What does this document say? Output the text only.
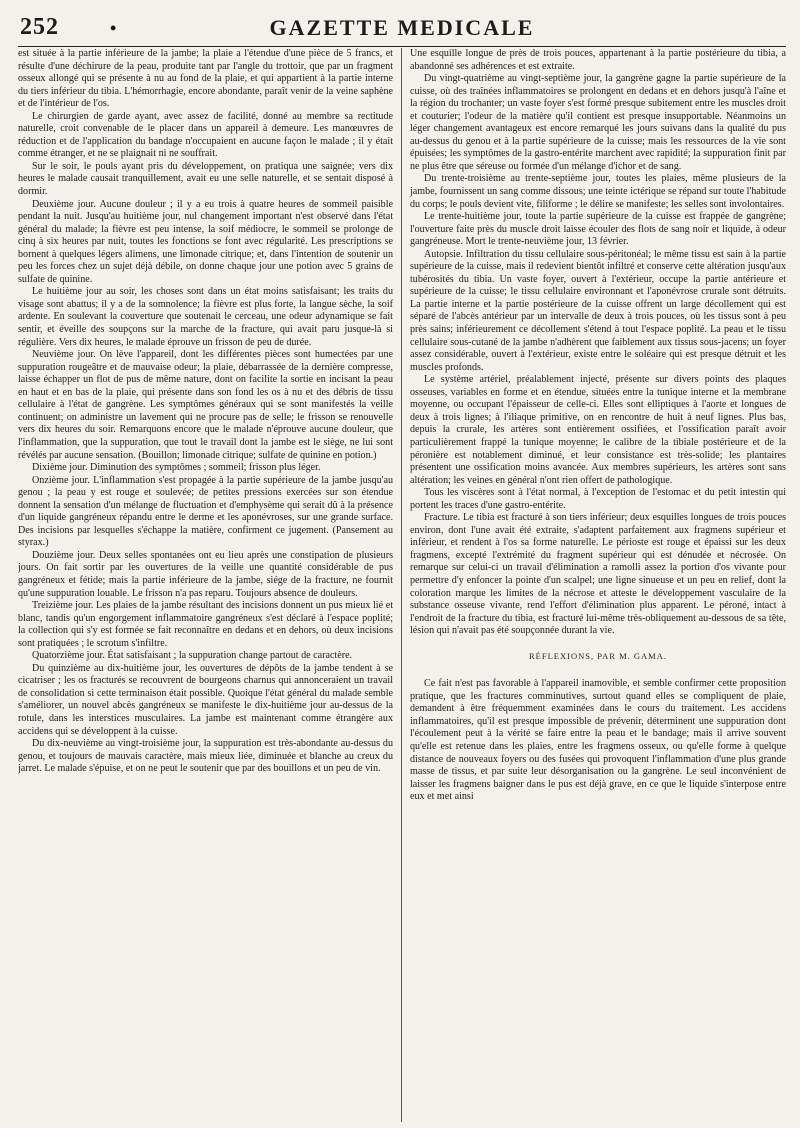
252	•	GAZETTE MEDICALE

est située à la partie inférieure de la jambe; la plaie a l'étendue d'une pièce de 5 francs, et résulte d'une déchirure de la peau, produite tant par l'angle du trottoir, que par un fragment osseux allongé qui se présente à nu au fond de la plaie, et qui appartient à la partie interne du tiers inférieur du tibia. L'hémorrhagie, encore abondante, paraît venir de la veine saphène et de l'intérieur de l'os.

Le chirurgien de garde ayant, avec assez de facilité, donné au membre sa rectitude naturelle, croit convenable de le placer dans un appareil à demeure. Les manœuvres de réduction et de l'application du bandage n'occupaient en aucune façon le malade ; il y était comme étranger, et ne se plaignait ni ne souffrait.

Sur le soir, le pouls ayant pris du développement, on pratiqua une saignée; vers dix heures le malade causait tranquillement, avait eu une selle naturelle, et se sentait disposé à dormir.

Deuxième jour. Aucune douleur ; il y a eu trois à quatre heures de sommeil paisible pendant la nuit. Jusqu'au huitième jour, nul changement important n'est observé dans l'état général du malade; la fièvre est peu intense, la soif médiocre, le sommeil se prolonge de cinq à six heures par nuit, toutes les fonctions se font avec régularité. Les prescriptions se bornent à quelques légers alimens, une limonade citrique; et, dans l'intention de soutenir un peu les forces chez un sujet déjà débile, on donne chaque jour une potion avec 5 grains de sulfate de quinine.

Le huitième jour au soir, les choses sont dans un état moins satisfaisant; les traits du visage sont abattus; il y a de la somnolence; la fièvre est plus forte, la langue sèche, la soif ardente. En soulevant la couverture que soutenait le cerceau, une odeur adynamique se fait sentir, et éveille des soupçons sur la marche de la fracture, qui avait paru jusque-là si régulière. Vers dix heures, le malade éprouve un frisson de peu de durée.

Neuvième jour. On lève l'appareil, dont les différentes pièces sont humectées par une suppuration rougeâtre et de mauvaise odeur; la plaie, débarrassée de la dernière compresse, laisse échapper un flot de pus de même nature, dont on facilite la sortie en incisant la peau en haut et en bas de la plaie, qui présente dans son fond les os à nu et des débris de tissu cellulaire à l'état de gangrène. Les symptômes généraux qui se sont manifestés la veille continuent; on administre un lavement qui ne procure pas de selle; le frisson se renouvelle vers dix heures du soir. Remarquons encore que le malade n'éprouve aucune douleur, que l'inflammation, que la suppuration, que tout le travail dont la jambe est le siège, ne lui sont révélés par aucune sensation. (Bouillon; limonade citrique; sulfate de quinine en potion.)

Dixième jour. Diminution des symptômes ; sommeil; frisson plus léger.

Onzième jour. L'inflammation s'est propagée à la partie supérieure de la jambe jusqu'au genou ; la peau y est rouge et soulevée; de petites pressions exercées sur son étendue donnent la sensation d'un mélange de fluctuation et d'emphysème qui serait dû à la présence d'un liquide gangréneux répandu entre le derme et les aponévroses, sur une grande surface. Des incisions par lesquelles s'échappe la matière, confirment ce jugement. (Pansement au styrax.)

Douzième jour. Deux selles spontanées ont eu lieu après une constipation de plusieurs jours. On fait sortir par les ouvertures de la veille une quantité considérable de pus gangréneux et fétide; mais la partie inférieure de la jambe, siége de la fracture, ne fournit qu'une suppuration louable. Le frisson n'a pas reparu. Toujours absence de douleurs.

Treizième jour. Les plaies de la jambe résultant des incisions donnent un pus mieux lié et blanc, tandis qu'un engorgement inflammatoire gangréneux s'est déclaré à l'espace poplité; la collection qui s'y est formée se fait reconnaître en dedans et en dehors, où deux incisions sont pratiquées ; le scrotum s'infiltre.

Quatorzième jour. État satisfaisant ; la suppuration change partout de caractère.

Du quinzième au dix-huitième jour, les ouvertures de dépôts de la jambe tendent à se cicatriser ; les os fracturés se recouvrent de bourgeons charnus qui annonceraient un travail de consolidation si cette terminaison était possible. Quoique l'état général du malade semble s'améliorer, un nouvel abcès gangréneux se manifeste le dix-huitième jour au-dessus de la rotule, dans les interstices musculaires. La jambe est maintenant comme étrangère aux accidens qui se développent à la cuisse.

Du dix-neuvième au vingt-troisième jour, la suppuration est très-abondante au-dessus du genou, et toujours de mauvais caractère, mais mieux liée, diminuée et blanche au creux du jarret. Le malade s'épuise, et on ne peut le soutenir que par des bouillons et un peu de vin.

Une esquille longue de près de trois pouces, appartenant à la partie postérieure du tibia, a abandonné ses adhérences et est extraite.

Du vingt-quatrième au vingt-septième jour, la gangrène gagne la partie supérieure de la cuisse, où des traînées inflammatoires se prolongent en dedans et en dehors jusqu'à l'aîne et la région du trochanter; un vaste foyer s'est formé presque subitement entre les muscles droit et couturier; l'odeur de la matière qu'il contient est presque insupportable. Néanmoins un léger changement avantageux est encore remarqué les jours suivans dans la qualité du pus au-dessus du genou et à la partie supérieure de la cuisse; mais les ressources de la vie sont épuisées; les symptômes de la gastro-entérite marchent avec rapidité; la suppuration finit par ne plus être que séreuse ou formée d'un mélange d'ichor et de sang.

Du trente-troisième au trente-septième jour, toutes les plaies, même plusieurs de la jambe, fournissent un sang comme dissous; une teinte ictérique se répand sur toute l'habitude du corps; le pouls devient vite, filiforme ; le délire se manifeste; les selles sont involontaires.

Le trente-huitième jour, toute la partie supérieure de la cuisse est frappée de gangrène; l'ouverture faite près du muscle droit laisse écouler des flots de sang noir et liquide, à odeur gangréneuse. Mort le trente-neuvième jour, 13 février.

Autopsie. Infiltration du tissu cellulaire sous-péritonéal; le même tissu est sain à la partie supérieure de la cuisse, mais il redevient bientôt infiltré et conserve cette altération jusqu'aux tubérosités du tibia. Un vaste foyer, ouvert à l'extérieur, occupe la partie antérieure et supérieure de la cuisse; le tissu cellulaire environnant et l'aponévrose crurale sont détruits. La partie interne et la partie postérieure de la cuisse offrent un large décollement qui est séparé de l'abcès antérieur par un intervalle de deux à trois pouces, où les tissus sont à peu près sains; inférieurement ce décollement s'étend à tout l'espace poplité. La peau et le tissu cellulaire sous-cutané de la jambe n'adhèrent que faiblement aux tissus sous-jacens; un foyer assez considérable, ouvert à l'extérieur, existe entre le soléaire qui est presque détruit et les muscles profonds.

Le système artériel, préalablement injecté, présente sur divers points des plaques osseuses, variables en forme et en étendue, situées entre la tunique interne et la membrane moyenne, ou occupant l'épaisseur de celle-ci. Elles sont elliptiques à l'aorte et longues de deux à trois lignes; à l'iliaque primitive, on en rencontre de huit à neuf lignes. Plus bas, depuis la crurale, les artères sont entièrement ossifiées, et l'ossification paraît avoir particulièrement frappé la tunique moyenne; le calibre de la tibiale postérieure et de la péronière est notablement diminué, et leur consistance est très-solide; les plantaires présentent une ossification moins avancée. Aux membres supérieurs, les artères sont sans altération; les veines en général n'ont rien offert de pathologique.

Tous les viscères sont à l'état normal, à l'exception de l'estomac et du petit intestin qui portent les traces d'une gastro-entérite.

Fracture. Le tibia est fracturé à son tiers inférieur; deux esquilles longues de trois pouces environ, dont l'une avait été extraite, s'adaptent parfaitement aux fragmens supérieur et inférieur, et rendent à l'os sa forme naturelle. Le périoste est rouge et épaissi sur les deux fragmens, excepté l'extrémité du fragment supérieur qui est dénudée et nécrosée. On remarque sur celui-ci un travail d'élimination a ramolli assez la portion d'os vivante pour permettre d'y enfoncer la pointe d'un scalpel; une ligne sinueuse et un peu en relief, dont la coloration marque les limites de la nécrose et atteste le développement vasculaire de la substance osseuse vivante, rend l'effort d'élimination plus apparent. Le péroné, intact à l'endroit de la fracture du tibia, est fracturé lui-même très-obliquement au-dessous de sa tête, lésion qui n'avait pas été soupçonnée durant la vie.

RÉFLEXIONS, PAR M. GAMA.

Ce fait n'est pas favorable à l'appareil inamovible, et semble confirmer cette proposition pratique, que les fractures comminutives, surtout quand elles se compliquent de plaie, demandent à être fréquemment examinées dans le cours du traitement. Les accidens inflammatoires, qu'il est presque impossible de prévenir, déterminent une suppuration dont l'écoulement peut à la vérité se faire entre la peau et le bandage; mais il arrive souvent qu'elle est retenue dans les plaies, entre les fragmens osseux, ou qu'elle forme à quelque distance de nouveaux foyers ou des fusées qui provoquent l'inflammation d'une plus grande masse de tissus, et par suite leur désorganisation ou la gangrène. Le seul inconvénient de laisser les fragmens baigner dans le pus est déjà grave, en ce que le liquide s'interpose entre eux et met ainsi
